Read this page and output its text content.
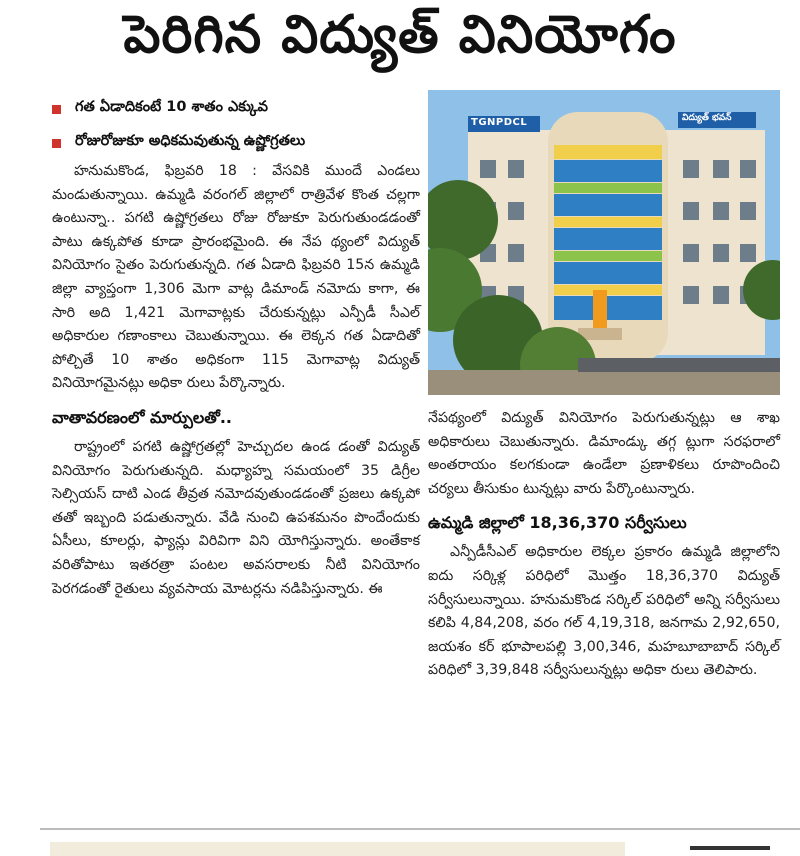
పెరిగిన విద్యుత్ వినియోగం
గత ఏడాదికంటే 10 శాతం ఎక్కువ
రోజురోజుకూ అధికమవుతున్న ఉష్ణోగ్రతలు

హనుమకొండ, ఫిబ్రవరి 18 : వేసవికి ముందే ఎండలు మండుతున్నాయి. ఉమ్మడి వరంగల్ జిల్లాలో రాత్రివేళ కొంత చల్లగా ఉంటున్నా.. పగటి ఉష్ణోగ్రతలు రోజు రోజుకూ పెరుగుతుండడంతో పాటు ఉక్కపోత కూడా ప్రారంభమైంది. ఈ నేప థ్యంలో విద్యుత్ వినియోగం సైతం పెరుగుతున్నది. గత ఏడాది ఫిబ్రవరి 15న ఉమ్మడి జిల్లా వ్యాప్తంగా 1,306 మెగా వాట్ల డిమాండ్ నమోదు కాగా, ఈ సారి అది 1,421 మెగావాట్లకు చేరుకున్నట్లు ఎన్పీడీ సీఎల్ అధికారుల గణాంకాలు చెబుతున్నాయి. ఈ లెక్కన గత ఏడాదితో పోల్చితే 10 శాతం అధికంగా 115 మెగావాట్ల విద్యుత్ వినియోగమైనట్లు అధికా రులు పేర్కొన్నారు.

వాతావరణంలో మార్పులతో..

రాష్ట్రంలో పగటి ఉష్ణోగ్రతల్లో హెచ్చుదల ఉండ డంతో విద్యుత్ వినియోగం పెరుగుతున్నది. మధ్యాహ్న సమయంలో 35 డిగ్రీల సెల్సియస్ దాటి ఎండ తీవ్రత నమోదవుతుండడంతో ప్రజలు ఉక్కపో తతో ఇబ్బంది పడుతున్నారు. వేడి నుంచి ఉపశమనం పొందేందుకు ఏసీలు, కూలర్లు, ఫ్యాన్లు విరివిగా విని యోగిస్తున్నారు. అంతేకాక వరితోపాటు ఇతరత్రా పంటల అవసరాలకు నీటి వినియోగం పెరగడంతో రైతులు వ్యవసాయ మోటర్లను నడిపిస్తున్నారు. ఈ

TGNPDCL	విద్యుత్ భవన్

నేపథ్యంలో విద్యుత్ వినియోగం పెరుగుతున్నట్లు ఆ శాఖ అధికారులు చెబుతున్నారు. డిమాండ్కు తగ్గ ట్లుగా సరఫరాలో అంతరాయం కలగకుండా ఉండేలా ప్రణాళికలు రూపొందించి చర్యలు తీసుకుం టున్నట్లు వారు పేర్కొంటున్నారు.

ఉమ్మడి జిల్లాలో 18,36,370 సర్వీసులు

ఎన్పీడీసీఎల్ అధికారుల లెక్కల ప్రకారం ఉమ్మడి జిల్లాలోని ఐదు సర్కిళ్ల పరిధిలో మొత్తం 18,36,370 విద్యుత్ సర్వీసులున్నాయి. హనుమకొండ సర్కిల్ పరిధిలో అన్ని సర్వీసులు కలిపి 4,84,208, వరం గల్ 4,19,318, జనగామ 2,92,650, జయశం కర్ భూపాలపల్లి 3,00,346, మహబూబాబాద్ సర్కిల్ పరిధిలో 3,39,848 సర్వీసులున్నట్లు అధికా రులు తెలిపారు.
